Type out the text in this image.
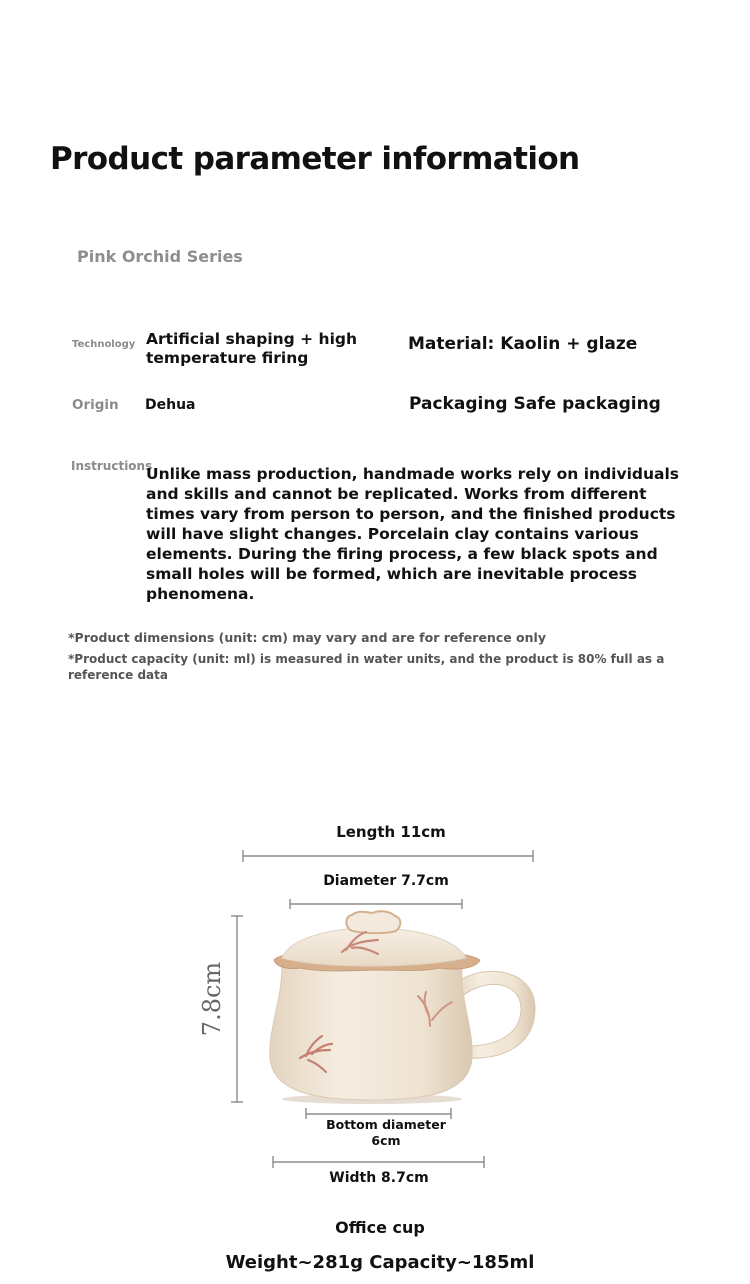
Product parameter information
Pink Orchid Series
Technology Artificial shaping + high temperature firing
Material: Kaolin + glaze
Origin Dehua	Packaging Safe packaging
Instructions
Unlike mass production, handmade works rely on individuals and skills and cannot be replicated. Works from different times vary from person to person, and the finished products will have slight changes. Porcelain clay contains various elements. During the firing process, a few black spots and small holes will be formed, which are inevitable process phenomena.
*Product dimensions (unit: cm) may vary and are for reference only
*Product capacity (unit: ml) is measured in water units, and the product is 80% full as a reference data
Length 11cm
Diameter 7.7cm
7.8cm
Bottom diameter
6cm
Width 8.7cm
Office cup
Weight~281g Capacity~185ml
